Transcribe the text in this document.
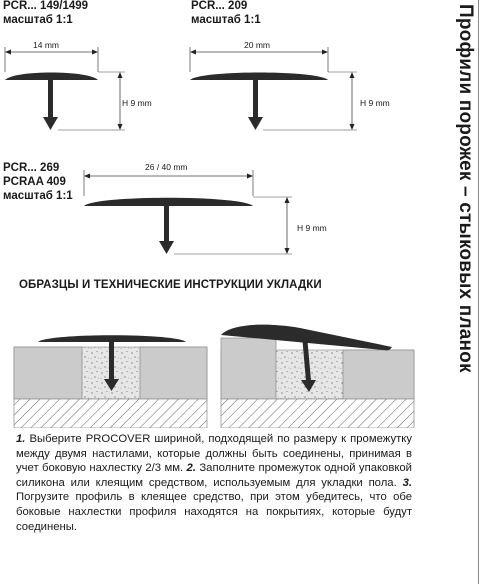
PCR... 149/1499
масштаб 1:1
14 mm
H 9 mm
PCR... 209
масштаб 1:1
20 mm
H 9 mm
PCR... 269
PCRAA 409
масштаб 1:1
26 / 40 mm
H 9 mm
ОБРАЗЦЫ И ТЕХНИЧЕСКИЕ ИНСТРУКЦИИ УКЛАДКИ

1. Выберите PROCOVER шириной, подходящей по размеру к промежутку между двумя настилами, которые должны быть соединены, принимая в учет боковую нахлестку 2/3 мм. 2. Заполните промежуток одной упаковкой силикона или клеящим средством, используемым для укладки пола. 3. Погрузите профиль в клеящее средство, при этом убедитесь, что обе боковые нахлестки профиля находятся на покрытиях, которые будут соединены.

Профили порожек – стыковых планок
